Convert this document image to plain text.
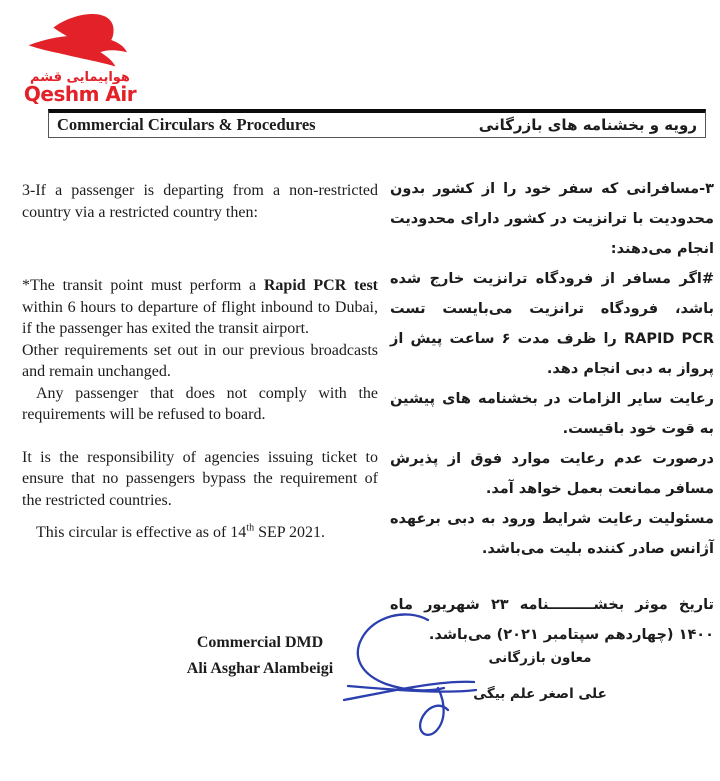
هواپیمایی قشم
Qeshm Air
Commercial Circulars & Procedures	رویه و بخشنامه های بازرگانی

3-If a passenger is departing from a non-restricted country via a restricted country then:

*The transit point must perform a Rapid PCR test within 6 hours to departure of flight inbound to Dubai, if the passenger has exited the transit airport.

Other requirements set out in our previous broadcasts and remain unchanged.

Any passenger that does not comply with the requirements will be refused to board.

It is the responsibility of agencies issuing ticket to ensure that no passengers bypass the requirement of the restricted countries.

This circular is effective as of 14th SEP 2021.

۳-مسافرانی که سفر خود را از کشور بدون محدودیت با ترانزیت در کشور دارای محدودیت انجام می‌دهند:

#اگر مسافر از فرودگاه ترانزیت خارج شده باشد، فرودگاه ترانزیت می‌بایست تست RAPID PCR را ظرف مدت ۶ ساعت پیش از پرواز به دبی انجام دهد.

رعایت سایر الزامات در بخشنامه های پیشین به قوت خود باقیست.

درصورت عدم رعایت موارد فوق از پذیرش مسافر ممانعت بعمل خواهد آمد.

مسئولیت رعایت شرایط ورود به دبی برعهده آژانس صادر کننده بلیت می‌باشد.

تاریخ موثر بخشـــــــــنامه ۲۳ شهریور ماه ۱۴۰۰ (چهاردهم سپتامبر ۲۰۲۱) می‌باشد.

Commercial DMD
Ali Asghar Alambeigi
معاون بازرگانی
علی اصغر علم بیگی
